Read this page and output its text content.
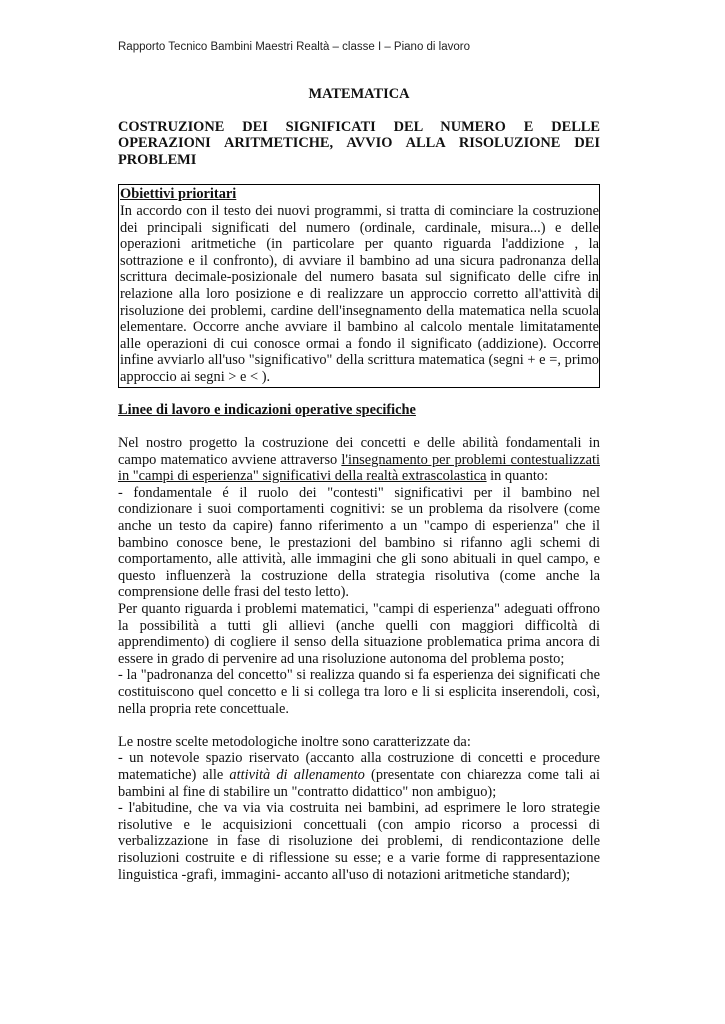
Rapporto Tecnico Bambini Maestri Realtà – classe I – Piano di lavoro
MATEMATICA
COSTRUZIONE DEI SIGNIFICATI DEL NUMERO E DELLE OPERAZIONI ARITMETICHE, AVVIO ALLA RISOLUZIONE DEI PROBLEMI
Obiettivi prioritari

In accordo con il testo dei nuovi programmi, si tratta di cominciare la costruzione dei principali significati del numero (ordinale, cardinale, misura...) e delle operazioni aritmetiche (in particolare per quanto riguarda l'addizione , la sottrazione e il confronto), di avviare il bambino ad una sicura padronanza della scrittura decimale-posizionale del numero basata sul significato delle cifre in relazione alla loro posizione e di realizzare un approccio corretto all'attività di risoluzione dei problemi, cardine dell'insegnamento della matematica nella scuola elementare. Occorre anche avviare il bambino al calcolo mentale limitatamente alle operazioni di cui conosce ormai a fondo il significato (addizione). Occorre infine avviarlo all'uso "significativo" della scrittura matematica (segni + e =, primo approccio ai segni > e < ).

Linee di lavoro e indicazioni operative specifiche

Nel nostro progetto la costruzione dei concetti e delle abilità fondamentali in campo matematico avviene attraverso l'insegnamento per problemi contestualizzati in "campi di esperienza" significativi della realtà extrascolastica in quanto:

- fondamentale é il ruolo dei "contesti" significativi per il bambino nel condizionare i suoi comportamenti cognitivi: se un problema da risolvere (come anche un testo da capire) fanno riferimento a un "campo di esperienza" che il bambino conosce bene, le prestazioni del bambino si rifanno agli schemi di comportamento, alle attività, alle immagini che gli sono abituali in quel campo, e questo influenzerà la costruzione della strategia risolutiva (come anche la comprensione delle frasi del testo letto).

Per quanto riguarda i problemi matematici, "campi di esperienza" adeguati offrono la possibilità a tutti gli allievi (anche quelli con maggiori difficoltà di apprendimento) di cogliere il senso della situazione problematica prima ancora di essere in grado di pervenire ad una risoluzione autonoma del problema posto;

- la "padronanza del concetto" si realizza quando si fa esperienza dei significati che costituiscono quel concetto e li si collega tra loro e li si esplicita inserendoli, così, nella propria rete concettuale.

Le nostre scelte metodologiche inoltre sono caratterizzate da:

- un notevole spazio riservato (accanto alla costruzione di concetti e procedure matematiche) alle attività di allenamento (presentate con chiarezza come tali ai bambini al fine di stabilire un "contratto didattico" non ambiguo);

- l'abitudine, che va via via costruita nei bambini, ad esprimere le loro strategie risolutive e le acquisizioni concettuali (con ampio ricorso a processi di verbalizzazione in fase di risoluzione dei problemi, di rendicontazione delle risoluzioni costruite e di riflessione su esse; e a varie forme di rappresentazione linguistica -grafi, immagini- accanto all'uso di notazioni aritmetiche standard);
